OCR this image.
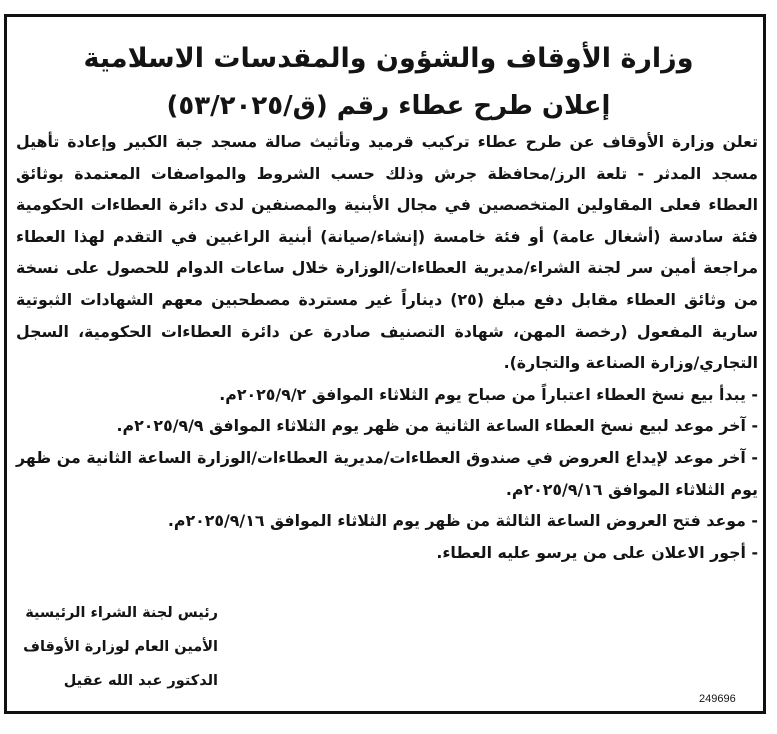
وزارة الأوقاف والشؤون والمقدسات الاسلامية
إعلان طرح عطاء رقم (ق/٥٣/٢٠٢٥)

تعلن وزارة الأوقاف عن طرح عطاء تركيب قرميد وتأثيث صالة مسجد جبة الكبير وإعادة تأهيل مسجد المدثر - تلعة الرز/محافظة جرش وذلك حسب الشروط والمواصفات المعتمدة بوثائق العطاء فعلى المقاولين المتخصصين في مجال الأبنية والمصنفين لدى دائرة العطاءات الحكومية فئة سادسة (أشغال عامة) أو فئة خامسة (إنشاء/صيانة) أبنية الراغبين في التقدم لهذا العطاء مراجعة أمين سر لجنة الشراء/مديرية العطاءات/الوزارة خلال ساعات الدوام للحصول على نسخة من وثائق العطاء مقابل دفع مبلغ (٢٥) ديناراً غير مستردة مصطحبين معهم الشهادات الثبوتية سارية المفعول (رخصة المهن، شهادة التصنيف صادرة عن دائرة العطاءات الحكومية، السجل التجاري/وزارة الصناعة والتجارة).

- يبدأ بيع نسخ العطاء اعتباراً من صباح يوم الثلاثاء الموافق ٢٠٢٥/٩/٢م.

- آخر موعد لبيع نسخ العطاء الساعة الثانية من ظهر يوم الثلاثاء الموافق ٢٠٢٥/٩/٩م.

- آخر موعد لإيداع العروض في صندوق العطاءات/مديرية العطاءات/الوزارة الساعة الثانية من ظهر يوم الثلاثاء الموافق ٢٠٢٥/٩/١٦م.

- موعد فتح العروض الساعة الثالثة من ظهر يوم الثلاثاء الموافق ٢٠٢٥/٩/١٦م.

- أجور الاعلان على من يرسو عليه العطاء.

رئيس لجنة الشراء الرئيسية
الأمين العام لوزارة الأوقاف
الدكتور عبد الله عقيل
249696
